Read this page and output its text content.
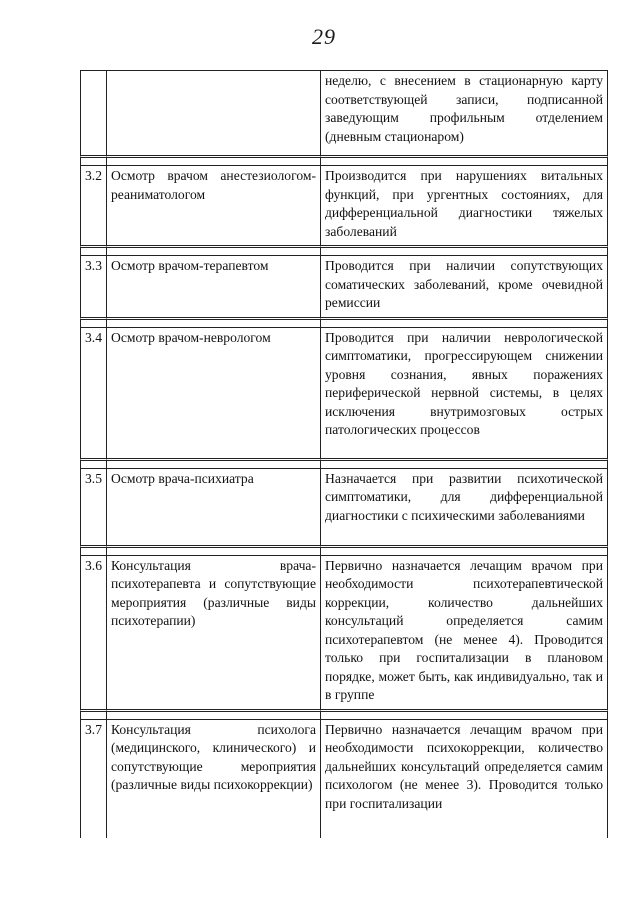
29

		неделю, с внесением в стационарную карту соответствующей записи, подписанной заведующим профильным отделением (дневным стационаром)

3.2	Осмотр врачом анестезиологом-реаниматологом	Производится при нарушениях витальных функций, при ургентных состояниях, для дифференциальной диагностики тяжелых заболеваний

3.3	Осмотр врачом-терапевтом	Проводится при наличии сопутствующих соматических заболеваний, кроме очевидной ремиссии

3.4	Осмотр врачом-неврологом	Проводится при наличии неврологической симптоматики, прогрессирующем снижении уровня сознания, явных поражениях периферической нервной системы, в целях исключения внутримозговых острых патологических процессов

3.5	Осмотр врача-психиатра	Назначается при развитии психотической симптоматики, для дифференциальной диагностики с психическими заболеваниями

3.6	Консультация врача-психотерапевта и сопутствующие мероприятия (различные виды психотерапии)	Первично назначается лечащим врачом при необходимости психотерапевтической коррекции, количество дальнейших консультаций определяется самим психотерапевтом (не менее 4). Проводится только при госпитализации в плановом порядке, может быть, как индивидуально, так и в группе

3.7	Консультация психолога (медицинского, клинического) и сопутствующие мероприятия (различные виды психокоррекции)	Первично назначается лечащим врачом при необходимости психокоррекции, количество дальнейших консультаций определяется самим психологом (не менее 3). Проводится только при госпитализации
